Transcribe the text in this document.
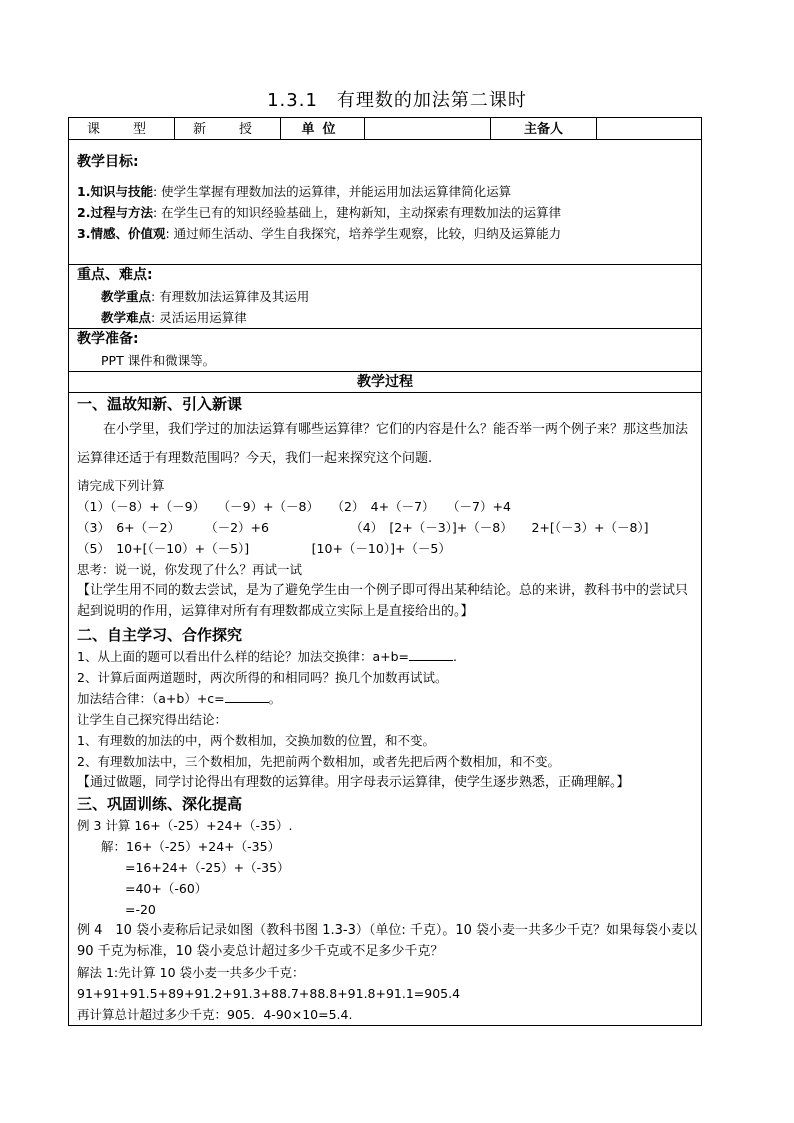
1.3.1　有理数的加法第二课时
课　型	新　授	单位		主备人	

教学目标:
1.知识与技能: 使学生掌握有理数加法的运算律，并能运用加法运算律简化运算
2.过程与方法: 在学生已有的知识经验基础上，建构新知，主动探索有理数加法的运算律
3.情感、价值观: 通过师生活动、学生自我探究，培养学生观察，比较，归纳及运算能力

重点、难点:
教学重点: 有理数加法运算律及其运用
教学难点: 灵活运用运算律

教学准备:
PPT 课件和微课等。

教学过程

一、温故知新、引入新课
在小学里，我们学过的加法运算有哪些运算律？它们的内容是什么？能否举一两个例子来？那这些加法运算律还适于有理数范围吗？今天，我们一起来探究这个问题.
请完成下列计算
（1）（－8）+（－9）　　（－9）+（－8）　　（2）　4+（－7）　　（－7）+4
（3）　6+（－2）　　　（－2）+6　　　　　　　（4）　[2+（－3）]+（－8）　　2+[（－3）+（－8）]
（5）　10+[（－10）+（－5）]　　　　　[10+（－10）]+（－5）
思考：说一说，你发现了什么？再试一试
【让学生用不同的数去尝试，是为了避免学生由一个例子即可得出某种结论。总的来讲，教科书中的尝试只起到说明的作用，运算律对所有有理数都成立实际上是直接给出的。】
二、自主学习、合作探究
1、从上面的题可以看出什么样的结论？加法交换律：a+b=	.
2、计算后面两道题时，两次所得的和相同吗？换几个加数再试试。
加法结合律：（a+b）+c=	。
让学生自己探究得出结论：
1、有理数的加法的中，两个数相加，交换加数的位置，和不变。
2、有理数加法中，三个数相加，先把前两个数相加，或者先把后两个数相加，和不变。
【通过做题，同学讨论得出有理数的运算律。用字母表示运算律，使学生逐步熟悉，正确理解。】
三、巩固训练、深化提高
例 3 计算 16+（-25）+24+（-35）.
解：16+（-25）+24+（-35）
=16+24+（-25）+（-35）
=40+（-60）
=-20
例 4　10 袋小麦称后记录如图（教科书图 1.3-3）（单位: 千克）。10 袋小麦一共多少千克？如果每袋小麦以 90 千克为标准，10 袋小麦总计超过多少千克或不足多少千克？
解法 1:先计算 10 袋小麦一共多少千克：
91+91+91.5+89+91.2+91.3+88.7+88.8+91.8+91.1=905.4
再计算总计超过多少千克：905．4-90×10=5.4.
